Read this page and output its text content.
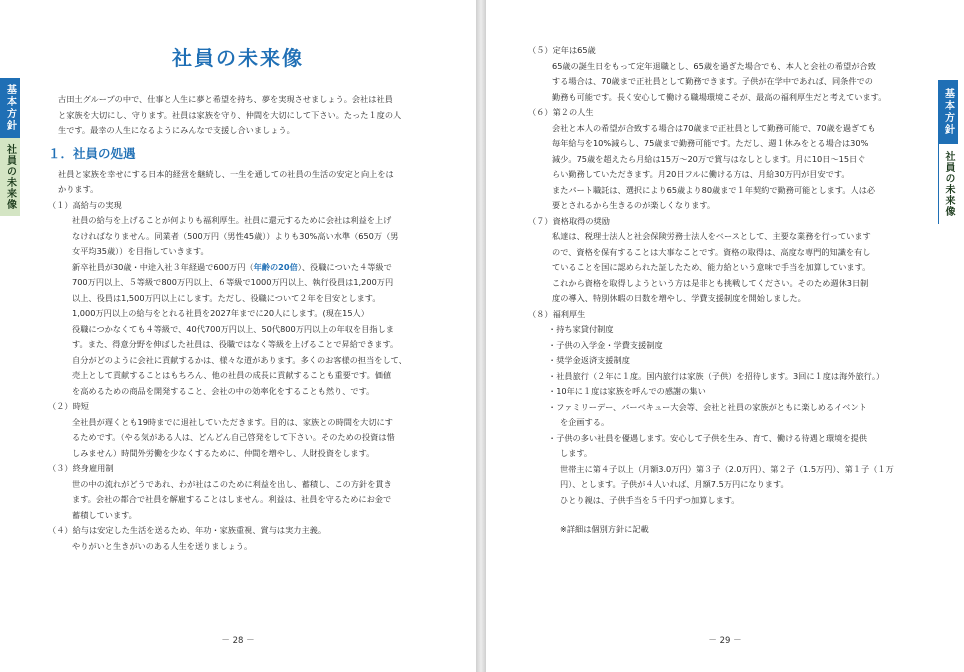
基本方針
社員の未来像
基本方針
社員の未来像
社員の未来像
古田土グループの中で、仕事と人生に夢と希望を持ち、夢を実現させましょう。会社は社員
と家族を大切にし、守ります。社員は家族を守り、仲間を大切にして下さい。たった１度の人
生です。最幸の人生になるようにみんなで支援し合いましょう。
１．社員の処遇
社員と家族を幸せにする日本的経営を継続し、一生を通しての社員の生活の安定と向上をは
かります。
（１）高給与の実現
社員の給与を上げることが何よりも福利厚生。社員に還元するために会社は利益を上げ
なければなりません。同業者（500万円（男性45歳））よりも30%高い水準（650万（男
女平均35歳））を目指していきます。
新卒社員が30歳・中途入社３年経過で600万円（年齢の20倍）、役職についた４等級で
700万円以上、５等級で800万円以上、６等級で1000万円以上、執行役員は1,200万円
以上、役員は1,500万円以上にします。ただし、役職について２年を目安とします。
1,000万円以上の給与をとれる社員を2027年までに20人にします。(現在15人）
役職につかなくても４等級で、40代700万円以上、50代800万円以上の年収を目指しま
す。また、得意分野を伸ばした社員は、役職ではなく等級を上げることで昇給できます。
自分がどのように会社に貢献するかは、様々な道があります。多くのお客様の担当をして、
売上として貢献することはもちろん、他の社員の成長に貢献することも重要です。価値
を高めるための商品を開発すること、会社の中の効率化をすることも然り、です。
（２）時短
全社員が遅くとも19時までに退社していただきます。目的は、家族との時間を大切にす
るためです。（やる気がある人は、どんどん自己啓発をして下さい。そのための投資は惜
しみません）時間外労働を少なくするために、仲間を増やし、人財投資をします。
（３）終身雇用制
世の中の流れがどうであれ、わが社はこのために利益を出し、蓄積し、この方針を貫き
ます。会社の都合で社員を解雇することはしません。利益は、社員を守るためにお金で
蓄積しています。
（４）給与は安定した生活を送るため、年功・家族重視、賞与は実力主義。
やりがいと生きがいのある人生を送りましょう。
－ 28 －
（５）定年は65歳
65歳の誕生日をもって定年退職とし、65歳を過ぎた場合でも、本人と会社の希望が合致
する場合は、70歳まで正社員として勤務できます。子供が在学中であれば、同条件での
勤務も可能です。長く安心して働ける職場環境こそが、最高の福利厚生だと考えています。
（６）第２の人生
会社と本人の希望が合致する場合は70歳まで正社員として勤務可能で、70歳を過ぎても
毎年給与を10%減らし、75歳まで勤務可能です。ただし、週１休みをとる場合は30%
減少。75歳を超えたら月給は15万～20万で賞与はなしとします。月に10日～15日ぐ
らい勤務していただきます。月20日フルに働ける方は、月給30万円が目安です。
またパート職託は、選択により65歳より80歳まで１年契約で勤務可能とします。人は必
要とされるから生きるのが楽しくなります。
（７）資格取得の奨励
私達は、税理士法人と社会保険労務士法人をベースとして、主要な業務を行っています
ので、資格を保有することは大事なことです。資格の取得は、高度な専門的知識を有し
ていることを国に認められた証したため、能力給という意味で手当を加算しています。
これから資格を取得しようという方は是非とも挑戦してください。そのため週休3日制
度の導入、特別休暇の日数を増やし、学費支援制度を開始しました。
（８）福利厚生
・持ち家貸付制度
・子供の入学金・学費支援制度
・奨学金返済支援制度
・社員旅行（２年に１度。国内旅行は家族（子供）を招待します。3回に１度は海外旅行。）
・10年に１度は家族を呼んでの感謝の集い
・ファミリーデー、バーベキュー大会等、会社と社員の家族がともに楽しめるイベント
を企画する。
・子供の多い社員を優遇します。安心して子供を生み、育て、働ける待遇と環境を提供
します。
世帯主に第４子以上（月額3.0万円）第３子（2.0万円）、第２子（1.5万円）、第１子（１万
円）、とします。子供が４人いれば、月額7.5万円になります。
ひとり親は、子供手当を５千円ずつ加算します。
※詳細は個別方針に記載
－ 29 －
